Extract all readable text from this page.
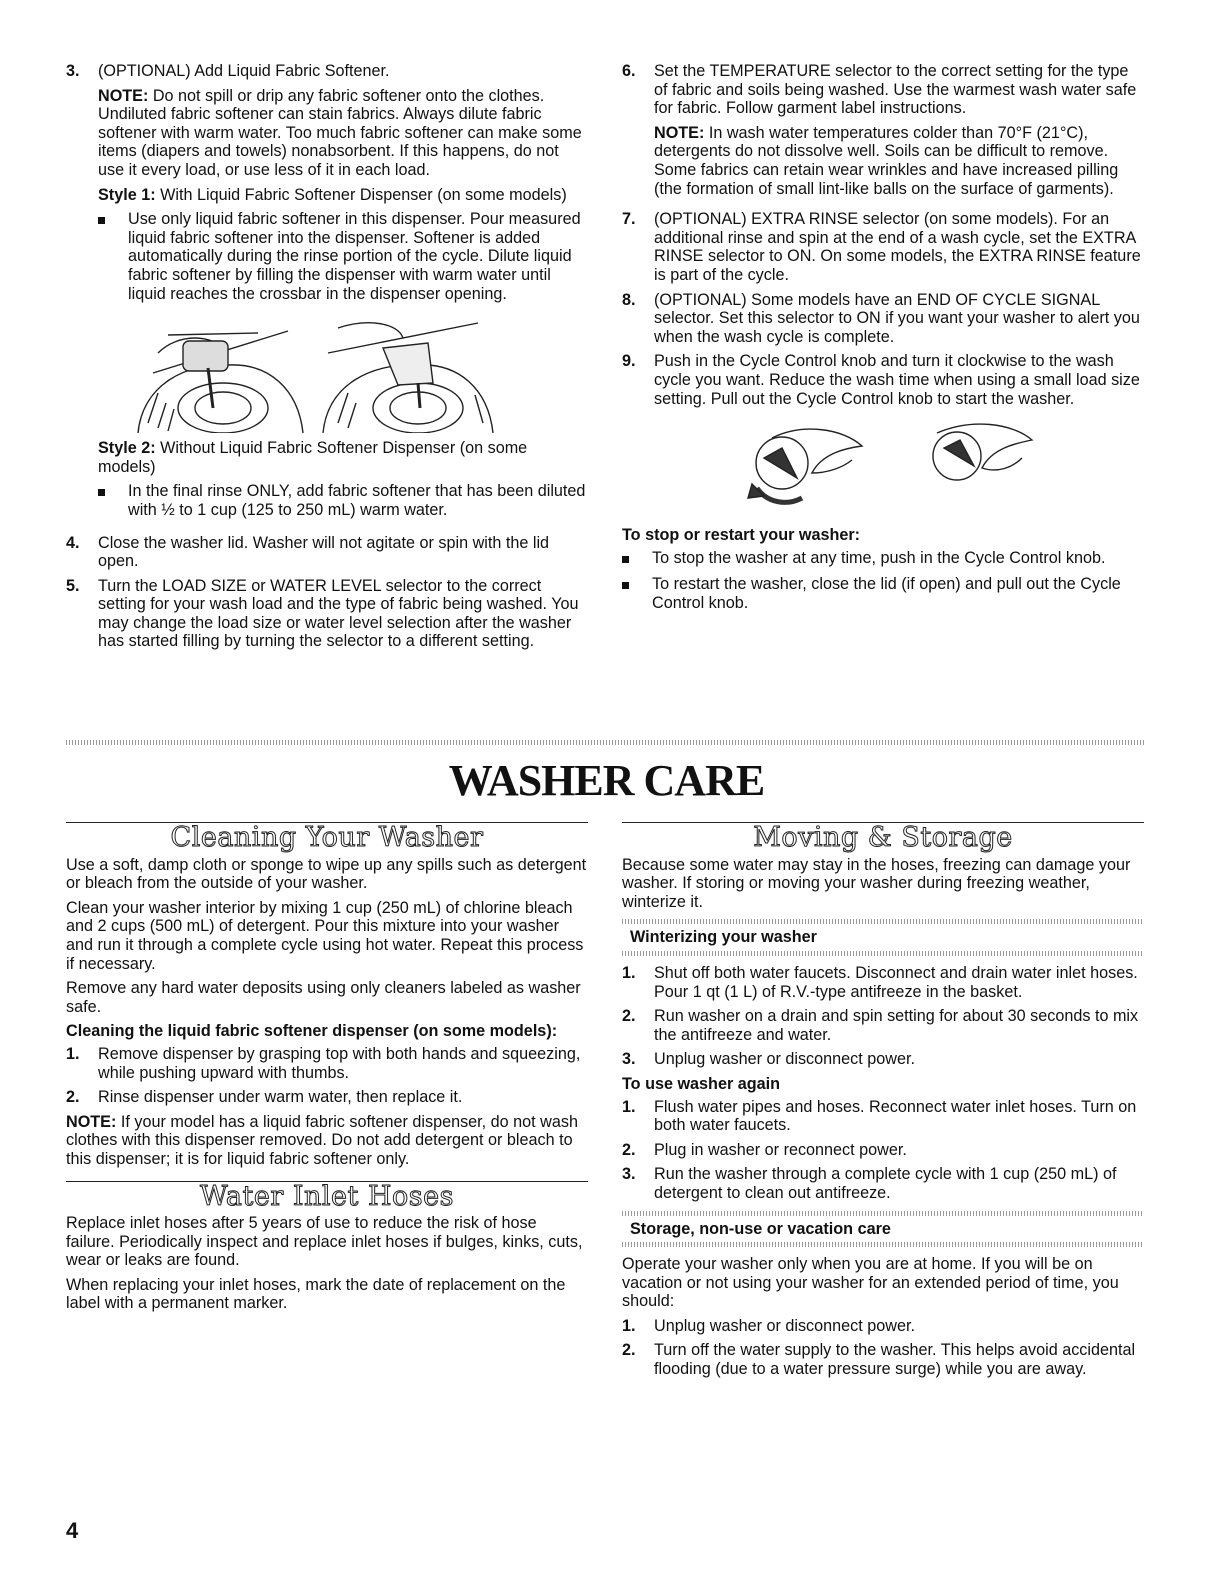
3.	(OPTIONAL) Add Liquid Fabric Softener.

NOTE: Do not spill or drip any fabric softener onto the clothes. Undiluted fabric softener can stain fabrics. Always dilute fabric softener with warm water. Too much fabric softener can make some items (diapers and towels) nonabsorbent. If this happens, do not use it every load, or use less of it in each load.

Style 1: With Liquid Fabric Softener Dispenser (on some models)

Use only liquid fabric softener in this dispenser. Pour measured liquid fabric softener into the dispenser. Softener is added automatically during the rinse portion of the cycle. Dilute liquid fabric softener by filling the dispenser with warm water until liquid reaches the crossbar in the dispenser opening.

Style 2: Without Liquid Fabric Softener Dispenser (on some models)

In the final rinse ONLY, add fabric softener that has been diluted with ½ to 1 cup (125 to 250 mL) warm water.
4.	Close the washer lid. Washer will not agitate or spin with the lid open.
5.	Turn the LOAD SIZE or WATER LEVEL selector to the correct setting for your wash load and the type of fabric being washed. You may change the load size or water level selection after the washer has started filling by turning the selector to a different setting.
6.	Set the TEMPERATURE selector to the correct setting for the type of fabric and soils being washed. Use the warmest wash water safe for fabric. Follow garment label instructions.

NOTE: In wash water temperatures colder than 70°F (21°C), detergents do not dissolve well. Soils can be difficult to remove. Some fabrics can retain wear wrinkles and have increased pilling (the formation of small lint-like balls on the surface of garments).

7.	(OPTIONAL) EXTRA RINSE selector (on some models). For an additional rinse and spin at the end of a wash cycle, set the EXTRA RINSE selector to ON. On some models, the EXTRA RINSE feature is part of the cycle.
8.	(OPTIONAL) Some models have an END OF CYCLE SIGNAL selector. Set this selector to ON if you want your washer to alert you when the wash cycle is complete.
9.	Push in the Cycle Control knob and turn it clockwise to the wash cycle you want. Reduce the wash time when using a small load size setting. Pull out the Cycle Control knob to start the washer.

To stop or restart your washer:

To stop the washer at any time, push in the Cycle Control knob.
To restart the washer, close the lid (if open) and pull out the Cycle Control knob.
WASHER CARE
Cleaning Your Washer

Use a soft, damp cloth or sponge to wipe up any spills such as detergent or bleach from the outside of your washer.

Clean your washer interior by mixing 1 cup (250 mL) of chlorine bleach and 2 cups (500 mL) of detergent. Pour this mixture into your washer and run it through a complete cycle using hot water. Repeat this process if necessary.

Remove any hard water deposits using only cleaners labeled as washer safe.

Cleaning the liquid fabric softener dispenser (on some models):

1.	Remove dispenser by grasping top with both hands and squeezing, while pushing upward with thumbs.
2.	Rinse dispenser under warm water, then replace it.

NOTE: If your model has a liquid fabric softener dispenser, do not wash clothes with this dispenser removed. Do not add detergent or bleach to this dispenser; it is for liquid fabric softener only.

Water Inlet Hoses

Replace inlet hoses after 5 years of use to reduce the risk of hose failure. Periodically inspect and replace inlet hoses if bulges, kinks, cuts, wear or leaks are found.

When replacing your inlet hoses, mark the date of replacement on the label with a permanent marker.

Moving & Storage

Because some water may stay in the hoses, freezing can damage your washer. If storing or moving your washer during freezing weather, winterize it.

Winterizing your washer
1.	Shut off both water faucets. Disconnect and drain water inlet hoses. Pour 1 qt (1 L) of R.V.-type antifreeze in the basket.
2.	Run washer on a drain and spin setting for about 30 seconds to mix the antifreeze and water.
3.	Unplug washer or disconnect power.

To use washer again

1.	Flush water pipes and hoses. Reconnect water inlet hoses. Turn on both water faucets.
2.	Plug in washer or reconnect power.
3.	Run the washer through a complete cycle with 1 cup (250 mL) of detergent to clean out antifreeze.
Storage, non-use or vacation care

Operate your washer only when you are at home. If you will be on vacation or not using your washer for an extended period of time, you should:

1.	Unplug washer or disconnect power.
2.	Turn off the water supply to the washer. This helps avoid accidental flooding (due to a water pressure surge) while you are away.
4
